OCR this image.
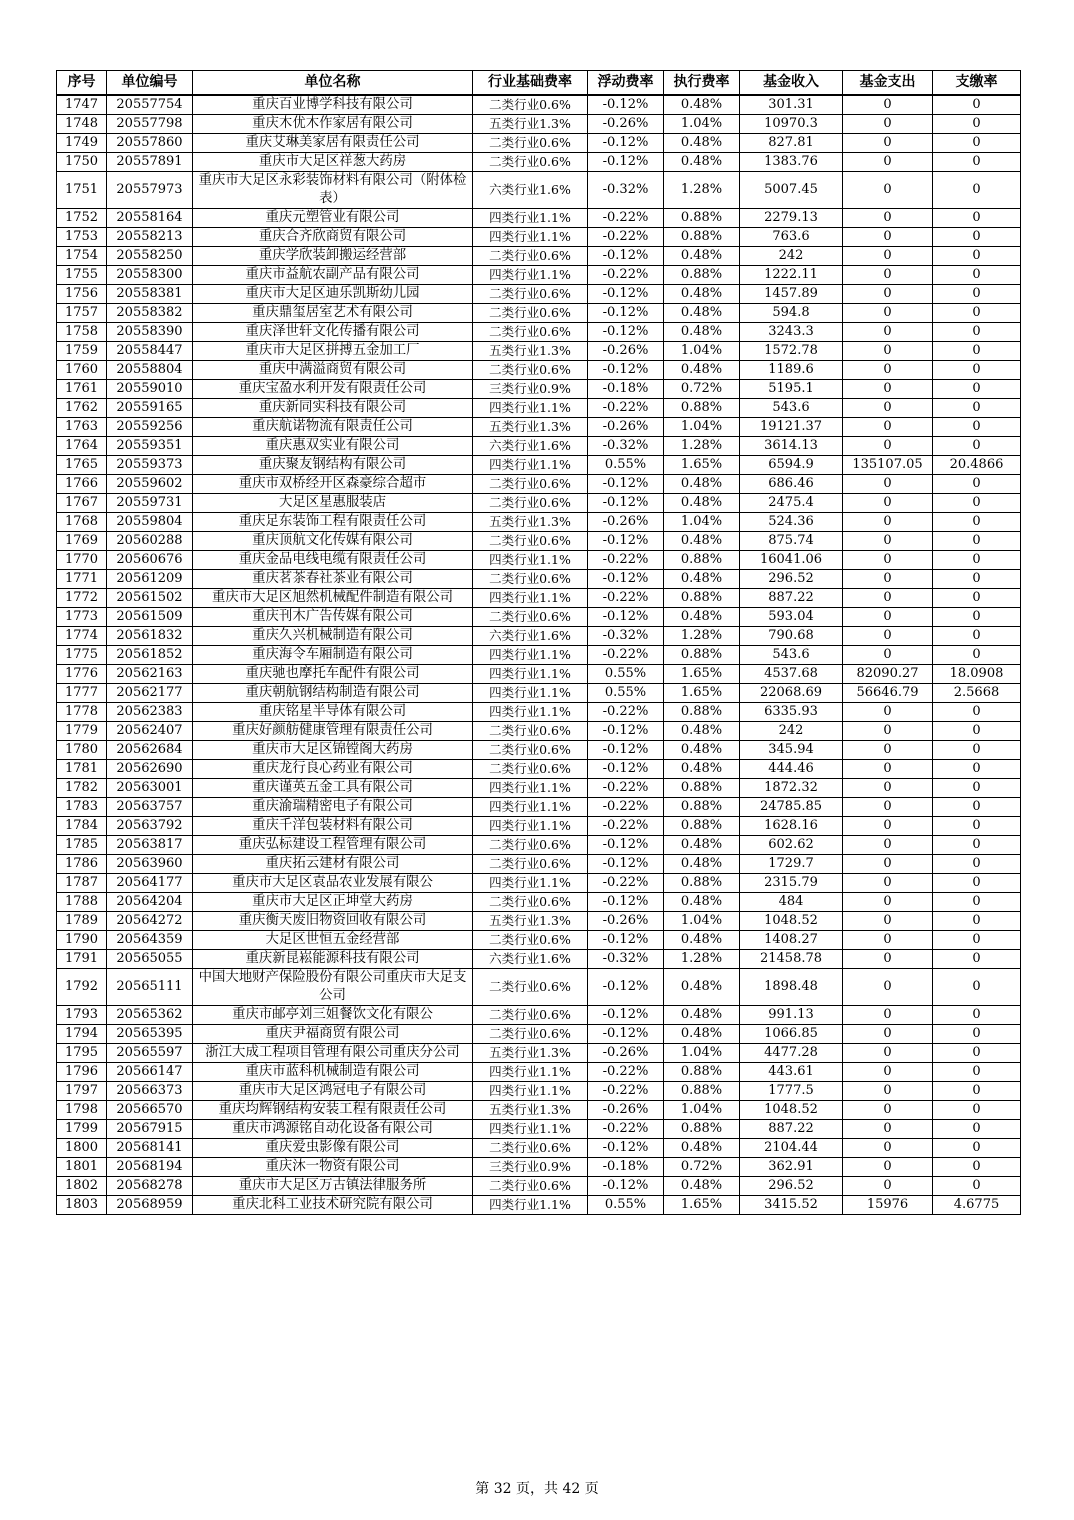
序号	单位编号	单位名称	行业基础费率	浮动费率	执行费率	基金收入	基金支出	支缴率
1747	20557754	重庆百业博学科技有限公司	二类行业0.6%	-0.12%	0.48%	301.31	0	0
1748	20557798	重庆木优木作家居有限公司	五类行业1.3%	-0.26%	1.04%	10970.3	0	0
1749	20557860	重庆艾琳美家居有限责任公司	二类行业0.6%	-0.12%	0.48%	827.81	0	0
1750	20557891	重庆市大足区祥葱大药房	二类行业0.6%	-0.12%	0.48%	1383.76	0	0
1751	20557973	重庆市大足区永彩装饰材料有限公司（附体检表）	六类行业1.6%	-0.32%	1.28%	5007.45	0	0
1752	20558164	重庆元塑管业有限公司	四类行业1.1%	-0.22%	0.88%	2279.13	0	0
1753	20558213	重庆合齐欣商贸有限公司	四类行业1.1%	-0.22%	0.88%	763.6	0	0
1754	20558250	重庆学欣装卸搬运经营部	二类行业0.6%	-0.12%	0.48%	242	0	0
1755	20558300	重庆市益航农副产品有限公司	四类行业1.1%	-0.22%	0.88%	1222.11	0	0
1756	20558381	重庆市大足区迪乐凯斯幼儿园	二类行业0.6%	-0.12%	0.48%	1457.89	0	0
1757	20558382	重庆鼎玺居室艺术有限公司	二类行业0.6%	-0.12%	0.48%	594.8	0	0
1758	20558390	重庆泽世轩文化传播有限公司	二类行业0.6%	-0.12%	0.48%	3243.3	0	0
1759	20558447	重庆市大足区拼搏五金加工厂	五类行业1.3%	-0.26%	1.04%	1572.78	0	0
1760	20558804	重庆中满溢商贸有限公司	二类行业0.6%	-0.12%	0.48%	1189.6	0	0
1761	20559010	重庆宝盈水利开发有限责任公司	三类行业0.9%	-0.18%	0.72%	5195.1	0	0
1762	20559165	重庆新同实科技有限公司	四类行业1.1%	-0.22%	0.88%	543.6	0	0
1763	20559256	重庆航诺物流有限责任公司	五类行业1.3%	-0.26%	1.04%	19121.37	0	0
1764	20559351	重庆惠双实业有限公司	六类行业1.6%	-0.32%	1.28%	3614.13	0	0
1765	20559373	重庆聚友钢结构有限公司	四类行业1.1%	0.55%	1.65%	6594.9	135107.05	20.4866
1766	20559602	重庆市双桥经开区森豪综合超市	二类行业0.6%	-0.12%	0.48%	686.46	0	0
1767	20559731	大足区星惠服装店	二类行业0.6%	-0.12%	0.48%	2475.4	0	0
1768	20559804	重庆足东装饰工程有限责任公司	五类行业1.3%	-0.26%	1.04%	524.36	0	0
1769	20560288	重庆顶航文化传媒有限公司	二类行业0.6%	-0.12%	0.48%	875.74	0	0
1770	20560676	重庆金品电线电缆有限责任公司	四类行业1.1%	-0.22%	0.88%	16041.06	0	0
1771	20561209	重庆茗茶春社茶业有限公司	二类行业0.6%	-0.12%	0.48%	296.52	0	0
1772	20561502	重庆市大足区旭然机械配件制造有限公司	四类行业1.1%	-0.22%	0.88%	887.22	0	0
1773	20561509	重庆刊木广告传媒有限公司	二类行业0.6%	-0.12%	0.48%	593.04	0	0
1774	20561832	重庆久兴机械制造有限公司	六类行业1.6%	-0.32%	1.28%	790.68	0	0
1775	20561852	重庆海令车厢制造有限公司	四类行业1.1%	-0.22%	0.88%	543.6	0	0
1776	20562163	重庆驰也摩托车配件有限公司	四类行业1.1%	0.55%	1.65%	4537.68	82090.27	18.0908
1777	20562177	重庆朝航钢结构制造有限公司	四类行业1.1%	0.55%	1.65%	22068.69	56646.79	2.5668
1778	20562383	重庆铭星半导体有限公司	四类行业1.1%	-0.22%	0.88%	6335.93	0	0
1779	20562407	重庆好颜舫健康管理有限责任公司	二类行业0.6%	-0.12%	0.48%	242	0	0
1780	20562684	重庆市大足区锦镗阁大药房	二类行业0.6%	-0.12%	0.48%	345.94	0	0
1781	20562690	重庆龙行良心药业有限公司	二类行业0.6%	-0.12%	0.48%	444.46	0	0
1782	20563001	重庆谨英五金工具有限公司	四类行业1.1%	-0.22%	0.88%	1872.32	0	0
1783	20563757	重庆渝瑞精密电子有限公司	四类行业1.1%	-0.22%	0.88%	24785.85	0	0
1784	20563792	重庆千洋包装材料有限公司	四类行业1.1%	-0.22%	0.88%	1628.16	0	0
1785	20563817	重庆弘标建设工程管理有限公司	二类行业0.6%	-0.12%	0.48%	602.62	0	0
1786	20563960	重庆拓云建材有限公司	二类行业0.6%	-0.12%	0.48%	1729.7	0	0
1787	20564177	重庆市大足区袁品农业发展有限公	四类行业1.1%	-0.22%	0.88%	2315.79	0	0
1788	20564204	重庆市大足区正坤堂大药房	二类行业0.6%	-0.12%	0.48%	484	0	0
1789	20564272	重庆衡天废旧物资回收有限公司	五类行业1.3%	-0.26%	1.04%	1048.52	0	0
1790	20564359	大足区世恒五金经营部	二类行业0.6%	-0.12%	0.48%	1408.27	0	0
1791	20565055	重庆新昆崧能源科技有限公司	六类行业1.6%	-0.32%	1.28%	21458.78	0	0
1792	20565111	中国大地财产保险股份有限公司重庆市大足支公司	二类行业0.6%	-0.12%	0.48%	1898.48	0	0
1793	20565362	重庆市邮亭刘三姐餐饮文化有限公	二类行业0.6%	-0.12%	0.48%	991.13	0	0
1794	20565395	重庆尹福商贸有限公司	二类行业0.6%	-0.12%	0.48%	1066.85	0	0
1795	20565597	浙江大成工程项目管理有限公司重庆分公司	五类行业1.3%	-0.26%	1.04%	4477.28	0	0
1796	20566147	重庆市蓝科机械制造有限公司	四类行业1.1%	-0.22%	0.88%	443.61	0	0
1797	20566373	重庆市大足区鸿冠电子有限公司	四类行业1.1%	-0.22%	0.88%	1777.5	0	0
1798	20566570	重庆均辉钢结构安装工程有限责任公司	五类行业1.3%	-0.26%	1.04%	1048.52	0	0
1799	20567915	重庆市鸿源铭自动化设备有限公司	四类行业1.1%	-0.22%	0.88%	887.22	0	0
1800	20568141	重庆爱虫影像有限公司	二类行业0.6%	-0.12%	0.48%	2104.44	0	0
1801	20568194	重庆沐一物资有限公司	三类行业0.9%	-0.18%	0.72%	362.91	0	0
1802	20568278	重庆市大足区万古镇法律服务所	二类行业0.6%	-0.12%	0.48%	296.52	0	0
1803	20568959	重庆北科工业技术研究院有限公司	四类行业1.1%	0.55%	1.65%	3415.52	15976	4.6775
第 32 页，共 42 页
